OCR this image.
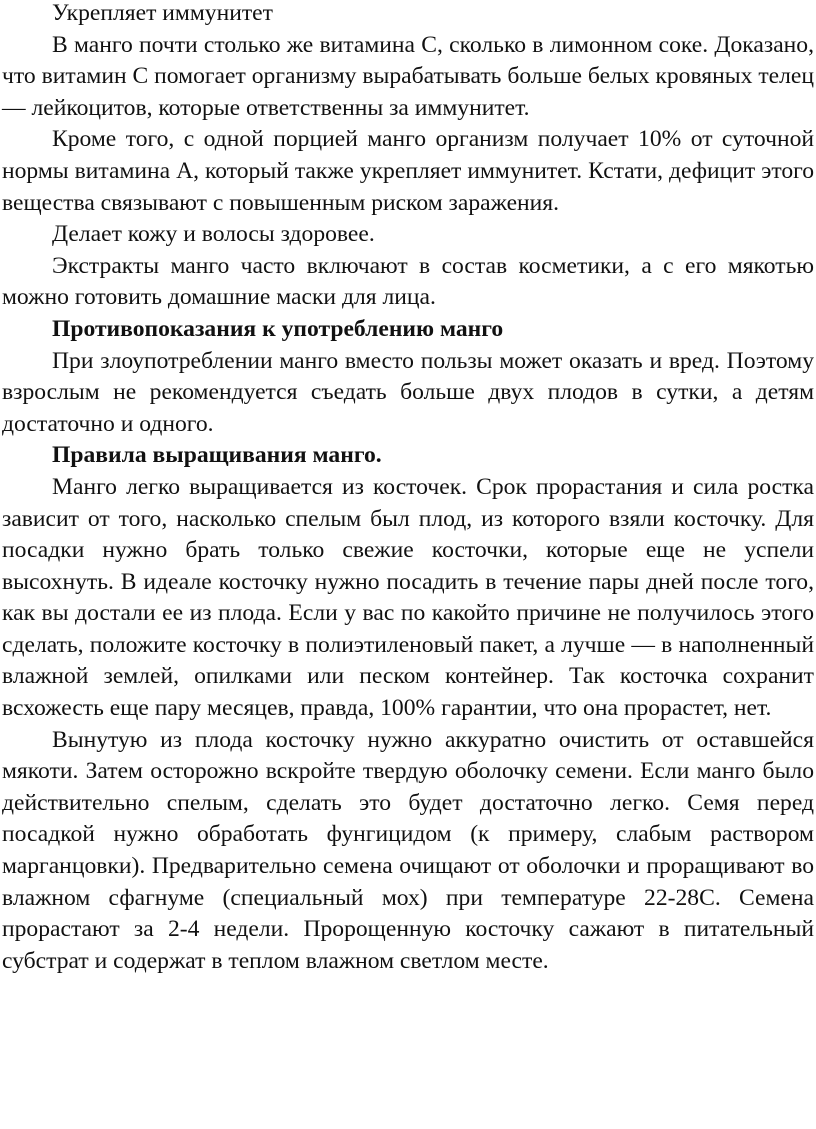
Укрепляет иммунитет

В манго почти столько же витамина С, сколько в лимонном соке. Доказано, что витамин С помогает организму вырабатывать больше белых кровяных телец — лейкоцитов, которые ответственны за иммунитет.

Кроме того, с одной порцией манго организм получает 10% от суточной нормы витамина А, который также укрепляет иммунитет. Кстати, дефицит этого вещества связывают с повышенным риском заражения.

Делает кожу и волосы здоровее.

Экстракты манго часто включают в состав косметики, а с его мякотью можно готовить домашние маски для лица.

Противопоказания к употреблению манго

При злоупотреблении манго вместо пользы может оказать и вред. Поэтому взрослым не рекомендуется съедать больше двух плодов в сутки, а детям достаточно и одного.

Правила выращивания манго.

Манго легко выращивается из косточек. Срок прорастания и сила ростка зависит от того, насколько спелым был плод, из которого взяли косточку. Для посадки нужно брать только свежие косточки, которые еще не успели высохнуть. В идеале косточку нужно посадить в течение пары дней после того, как вы достали ее из плода. Если у вас по какойто причине не получилось этого сделать, положите косточку в полиэтиленовый пакет, а лучше — в наполненный влажной землей, опилками или песком контейнер. Так косточка сохранит всхожесть еще пару месяцев, правда, 100% гарантии, что она прорастет, нет.

Вынутую из плода косточку нужно аккуратно очистить от оставшейся мякоти. Затем осторожно вскройте твердую оболочку семени. Если манго было действительно спелым, сделать это будет достаточно легко. Семя перед посадкой нужно обработать фунгицидом (к примеру, слабым раствором марганцовки). Предварительно семена очищают от оболочки и проращивают во влажном сфагнуме (специальный мох) при температуре 22-28С. Семена прорастают за 2-4 недели. Пророщенную косточку сажают в питательный субстрат и содержат в теплом влажном светлом месте.
